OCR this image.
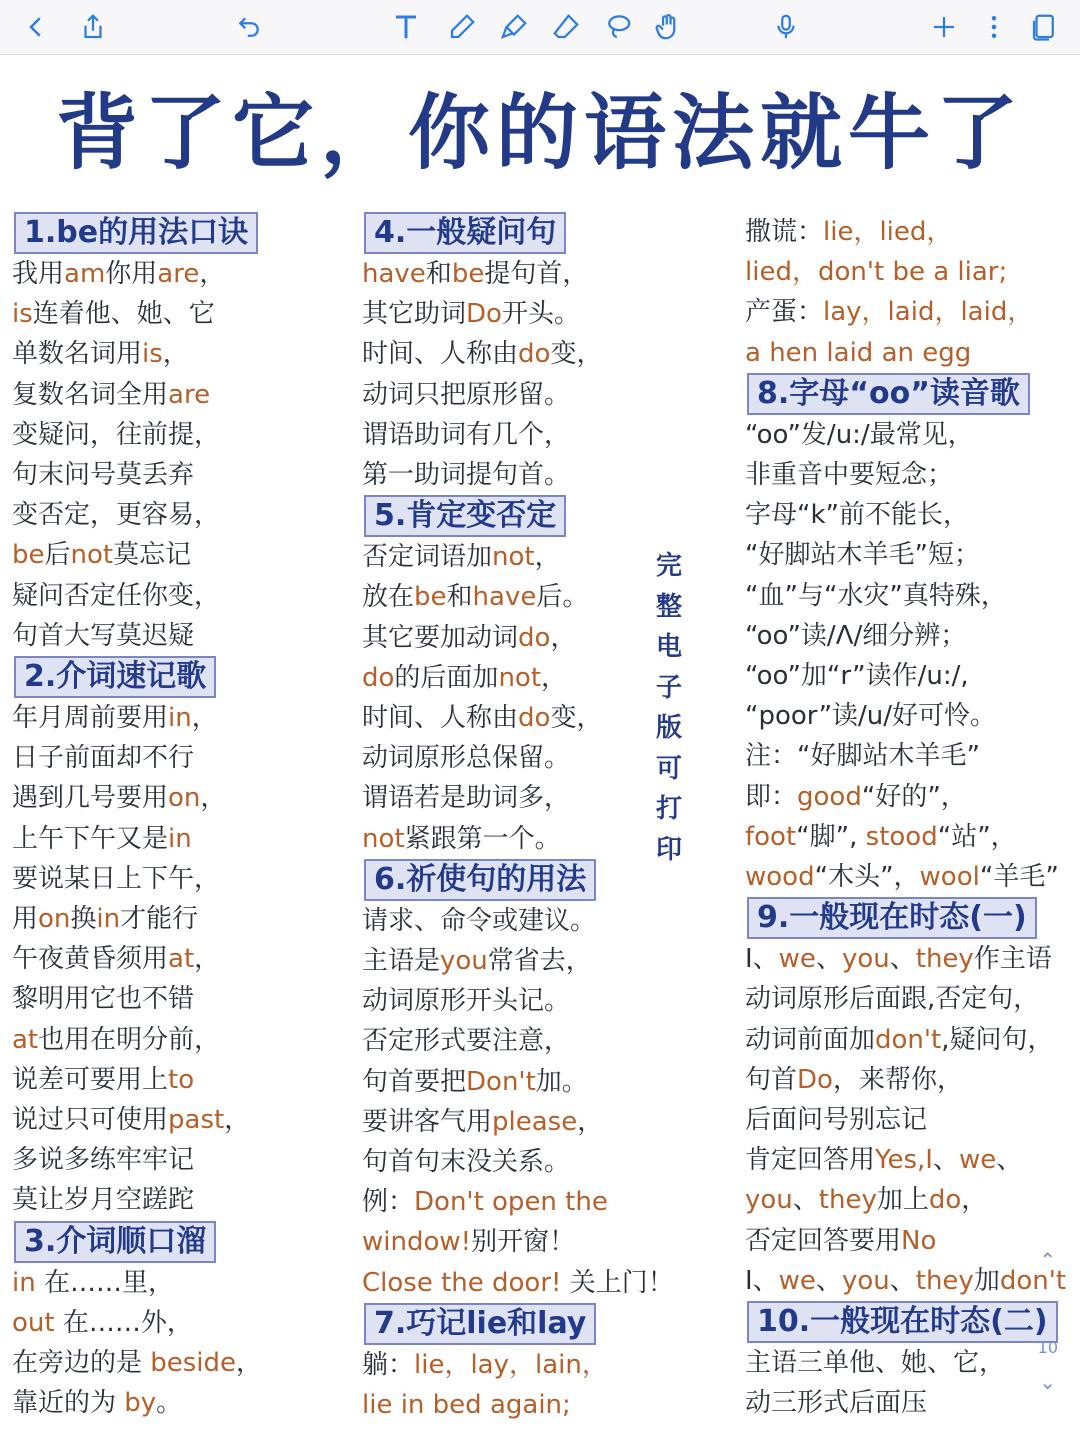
背了它，你的语法就牛了
1.be的用法口诀
我用am你用are，
is连着他、她、它
单数名词用is，
复数名词全用are
变疑问，往前提，
句末问号莫丢弃
变否定，更容易，
be后not莫忘记
疑问否定任你变，
句首大写莫迟疑
2.介词速记歌
年月周前要用in，
日子前面却不行
遇到几号要用on，
上午下午又是in
要说某日上下午，
用on换in才能行
午夜黄昏须用at，
黎明用它也不错
at也用在明分前，
说差可要用上to
说过只可使用past，
多说多练牢牢记
莫让岁月空蹉跎
3.介词顺口溜
in 在……里，
out 在……外，
在旁边的是 beside，
靠近的为 by。
4.一般疑问句
have和be提句首，
其它助词Do开头。
时间、人称由do变，
动词只把原形留。
谓语助词有几个，
第一助词提句首。
5.肯定变否定
否定词语加not，
放在be和have后。
其它要加动词do，
do的后面加not，
时间、人称由do变，
动词原形总保留。
谓语若是助词多，
not紧跟第一个。
6.祈使句的用法
请求、命令或建议。
主语是you常省去，
动词原形开头记。
否定形式要注意，
句首要把Don't加。
要讲客气用please，
句首句末没关系。
例：Don't open the
window!别开窗！
Close the door! 关上门！
7.巧记lie和lay
躺：lie，lay，lain，
lie in bed again;
撒谎：lie，lied，
lied，don't be a liar;
产蛋：lay，laid，laid，
a hen laid an egg
8.字母“oo”读音歌
“oo”发/u:/最常见，
非重音中要短念；
字母“k”前不能长，
“好脚站木羊毛”短；
“血”与“水灾”真特殊，
“oo”读/Λ/细分辨；
“oo”加“r”读作/u:/,
“poor”读/u/好可怜。
注：“好脚站木羊毛”
即：good“好的”，
foot“脚”, stood“站”，
wood“木头”，wool“羊毛”
9.一般现在时态(一)
I、we、you、they作主语
动词原形后面跟,否定句，
动词前面加don't,疑问句，
句首Do，来帮你，
后面问号别忘记
肯定回答用Yes,I、we、
you、they加上do，
否定回答要用No
I、we、you、they加don't
10.一般现在时态(二)
主语三单他、她、它，
动三形式后面压
完
整
电
子
版
可
打
印
⌃
10
⌄
